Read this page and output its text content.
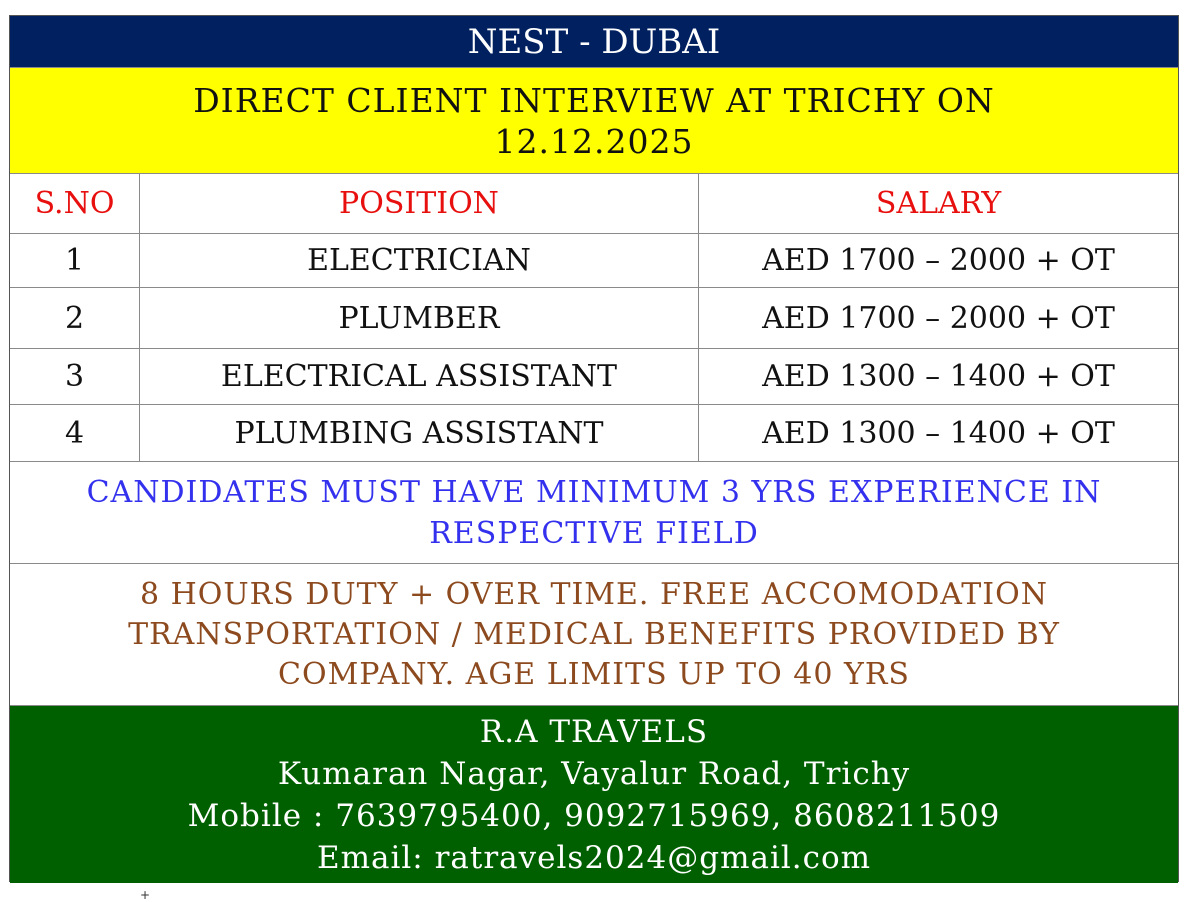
NEST - DUBAI
DIRECT CLIENT INTERVIEW AT TRICHY ON
12.12.2025
S.NO	POSITION	SALARY
1	ELECTRICIAN	AED 1700 – 2000 + OT
2	PLUMBER	AED 1700 – 2000 + OT
3	ELECTRICAL ASSISTANT	AED 1300 – 1400 + OT
4	PLUMBING ASSISTANT	AED 1300 – 1400 + OT
CANDIDATES MUST HAVE MINIMUM 3 YRS EXPERIENCE IN
RESPECTIVE FIELD
8 HOURS DUTY + OVER TIME. FREE ACCOMODATION
TRANSPORTATION / MEDICAL BENEFITS PROVIDED BY
COMPANY. AGE LIMITS UP TO 40 YRS
R.A TRAVELS
Kumaran Nagar, Vayalur Road, Trichy
Mobile : 7639795400, 9092715969, 8608211509
Email: ratravels2024@gmail.com
+
